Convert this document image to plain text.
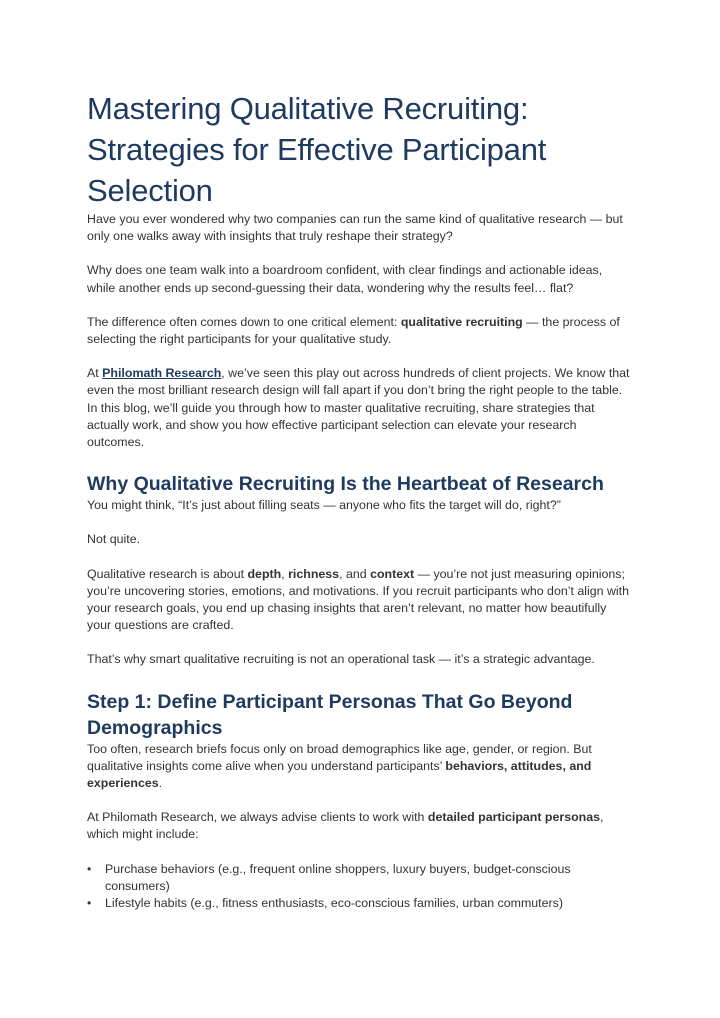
Mastering Qualitative Recruiting: Strategies for Effective Participant Selection

Have you ever wondered why two companies can run the same kind of qualitative research — but only one walks away with insights that truly reshape their strategy?

Why does one team walk into a boardroom confident, with clear findings and actionable ideas, while another ends up second-guessing their data, wondering why the results feel… flat?

The difference often comes down to one critical element: qualitative recruiting — the process of selecting the right participants for your qualitative study.

At Philomath Research, we’ve seen this play out across hundreds of client projects. We know that even the most brilliant research design will fall apart if you don’t bring the right people to the table. In this blog, we’ll guide you through how to master qualitative recruiting, share strategies that actually work, and show you how effective participant selection can elevate your research outcomes.

Why Qualitative Recruiting Is the Heartbeat of Research

You might think, “It’s just about filling seats — anyone who fits the target will do, right?”

Not quite.

Qualitative research is about depth, richness, and context — you’re not just measuring opinions; you’re uncovering stories, emotions, and motivations. If you recruit participants who don’t align with your research goals, you end up chasing insights that aren’t relevant, no matter how beautifully your questions are crafted.

That’s why smart qualitative recruiting is not an operational task — it’s a strategic advantage.

Step 1: Define Participant Personas That Go Beyond Demographics

Too often, research briefs focus only on broad demographics like age, gender, or region. But qualitative insights come alive when you understand participants’ behaviors, attitudes, and experiences.

At Philomath Research, we always advise clients to work with detailed participant personas, which might include:

• Purchase behaviors (e.g., frequent online shoppers, luxury buyers, budget-conscious consumers)
• Lifestyle habits (e.g., fitness enthusiasts, eco-conscious families, urban commuters)
